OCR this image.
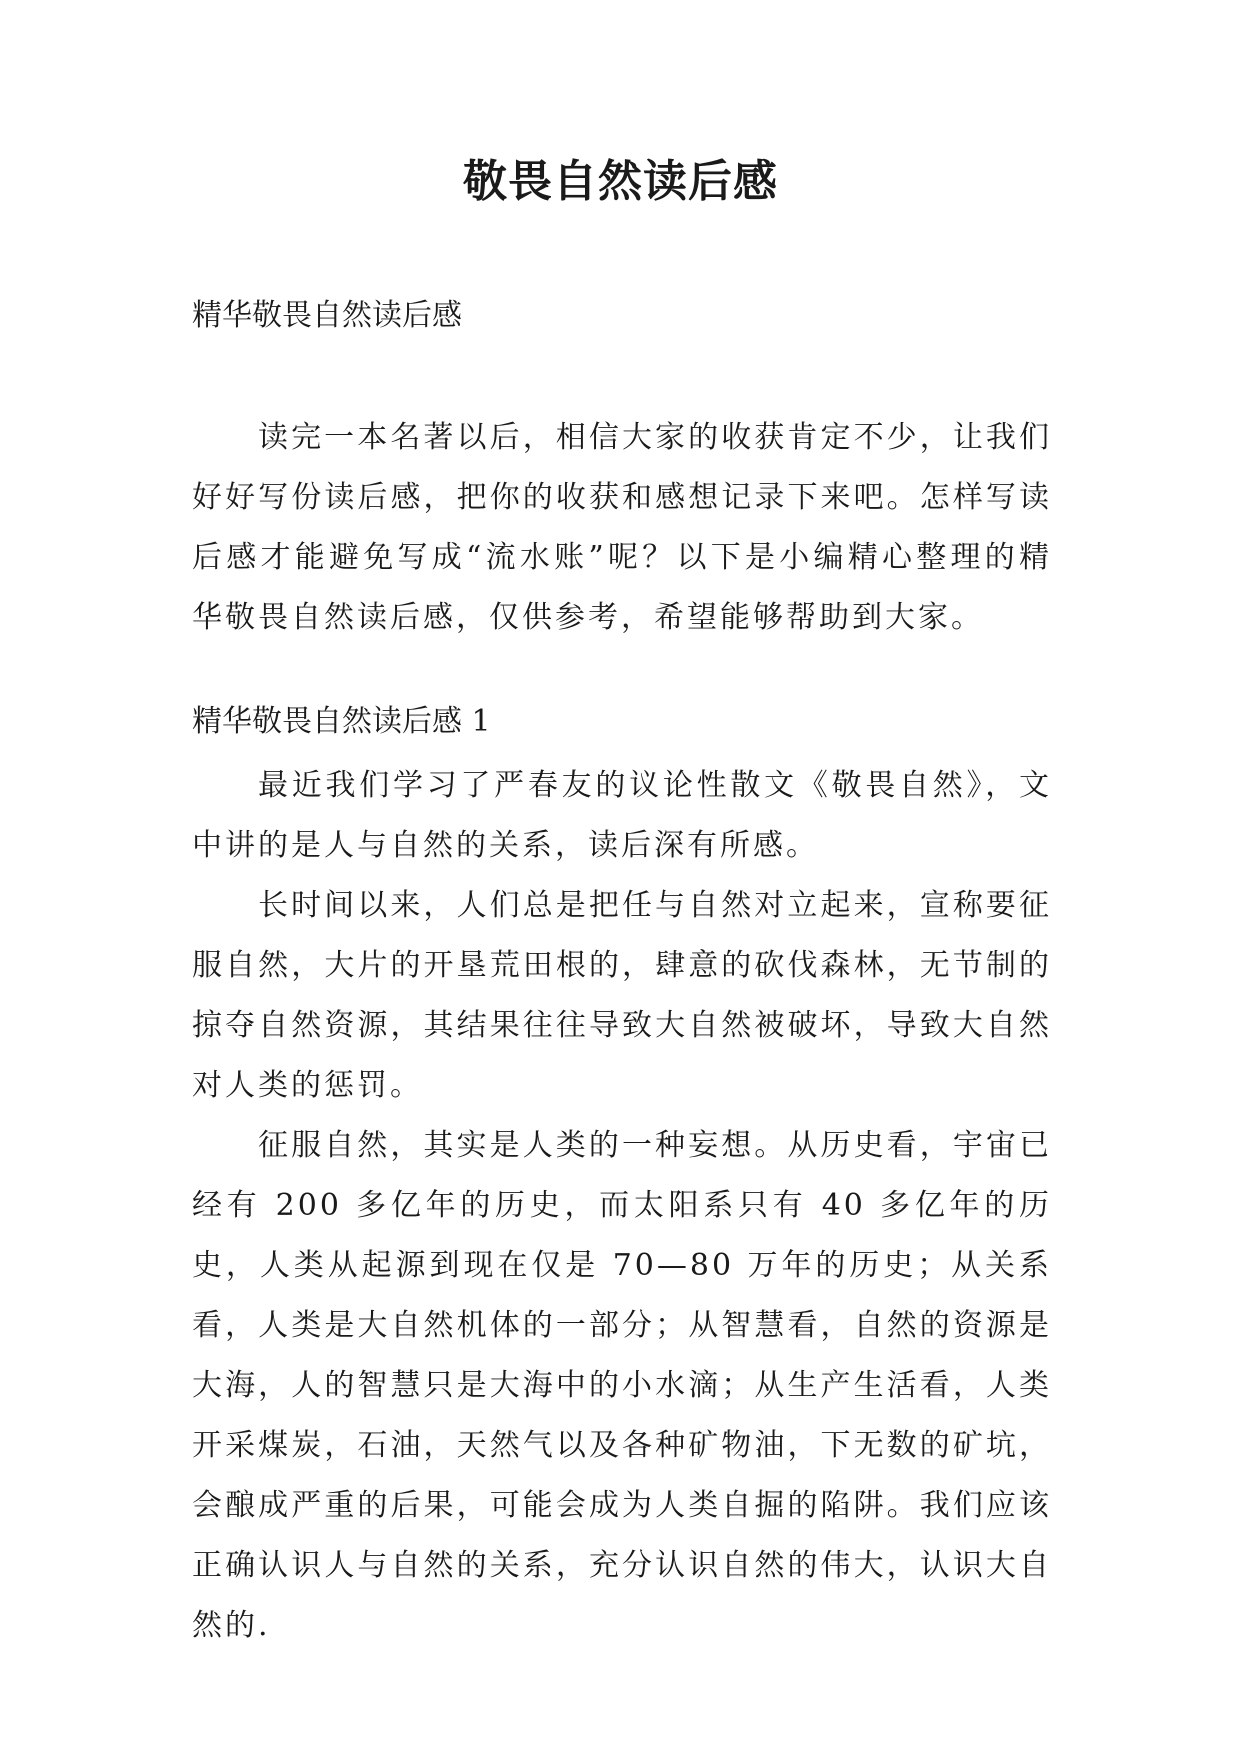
敬畏自然读后感
精华敬畏自然读后感

读完一本名著以后，相信大家的收获肯定不少，让我们好好写份读后感，把你的收获和感想记录下来吧。怎样写读后感才能避免写成“流水账”呢？以下是小编精心整理的精华敬畏自然读后感，仅供参考，希望能够帮助到大家。

精华敬畏自然读后感 1

最近我们学习了严春友的议论性散文《敬畏自然》，文中讲的是人与自然的关系，读后深有所感。

长时间以来，人们总是把任与自然对立起来，宣称要征服自然，大片的开垦荒田根的，肆意的砍伐森林，无节制的掠夺自然资源，其结果往往导致大自然被破坏，导致大自然对人类的惩罚。

征服自然，其实是人类的一种妄想。从历史看，宇宙已经有 200 多亿年的历史，而太阳系只有 40 多亿年的历史，人类从起源到现在仅是 70—80 万年的历史；从关系看，人类是大自然机体的一部分；从智慧看，自然的资源是大海，人的智慧只是大海中的小水滴；从生产生活看，人类开采煤炭，石油，天然气以及各种矿物油，下无数的矿坑，会酿成严重的后果，可能会成为人类自掘的陷阱。我们应该正确认识人与自然的关系，充分认识自然的伟大，认识大自然的.
